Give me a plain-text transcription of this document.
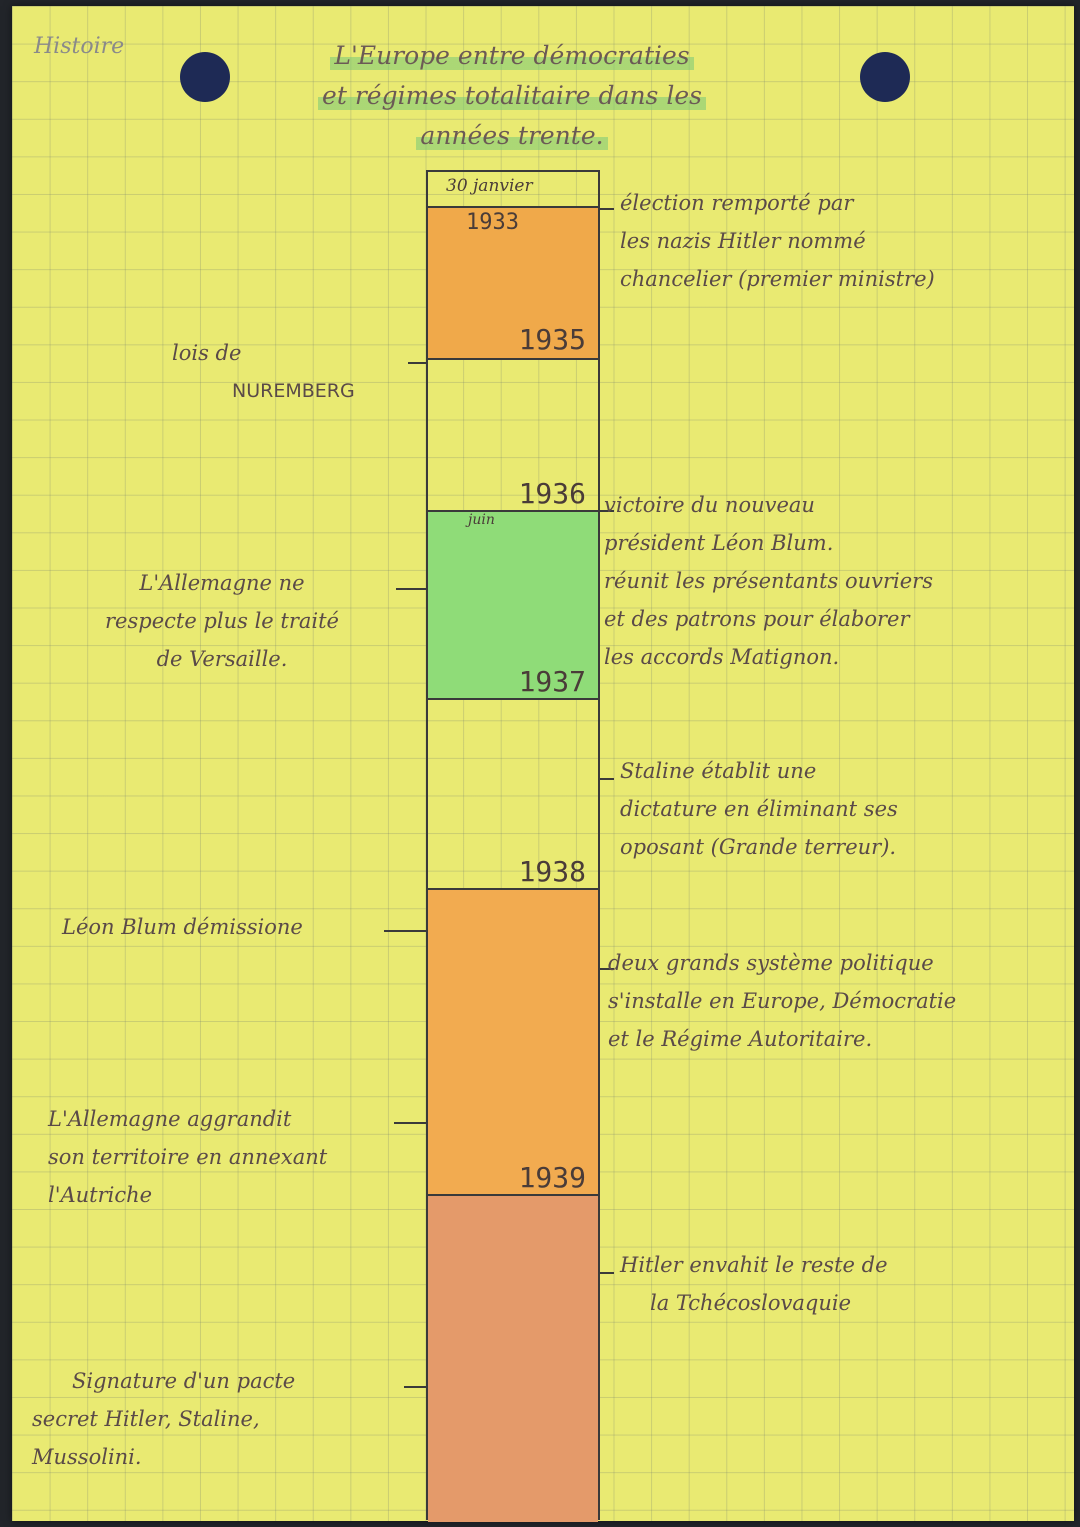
Histoire	L'Europe entre démocraties
et régimes totalitaire dans les
années trente.
30 janvier
1933
1935
1936
juin
1937
1938
1939
élection remporté par
les nazis Hitler nommé
chancelier (premier ministre)
victoire du nouveau
président Léon Blum.
réunit les présentants ouvriers
et des patrons pour élaborer
les accords Matignon.
Staline établit une
dictature en éliminant ses
oposant (Grande terreur).
deux grands système politique
s'installe en Europe, Démocratie
et le Régime Autoritaire.
Hitler envahit le reste de
la Tchécoslovaquie
lois de
NUREMBERG
L'Allemagne ne
respecte plus le traité
de Versaille.
Léon Blum démissione
L'Allemagne aggrandit
son territoire en annexant
l'Autriche
Signature d'un pacte
secret Hitler, Staline,
Mussolini.
